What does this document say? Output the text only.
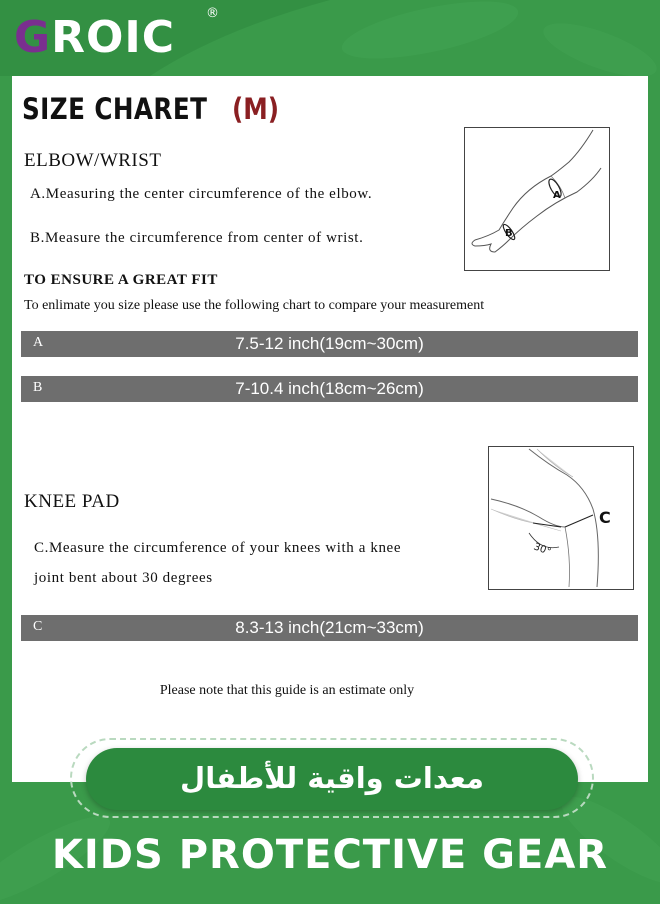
GROIC ®
SIZE CHARET (M)
ELBOW/WRIST
A.Measuring the center circumference of the elbow.
B.Measure the circumference from center of wrist.
A
B
TO ENSURE A GREAT FIT
To enlimate you size please use the following chart to compare your measurement
A	7.5-12 inch(19cm~30cm)
B	7-10.4 inch(18cm~26cm)
30°
C
KNEE PAD
C.Measure the circumference of your knees with a knee
joint bent about 30 degrees
C	8.3-13 inch(21cm~33cm)
Please note that this guide is an estimate only
معدات واقية للأطفال
KIDS PROTECTIVE GEAR
